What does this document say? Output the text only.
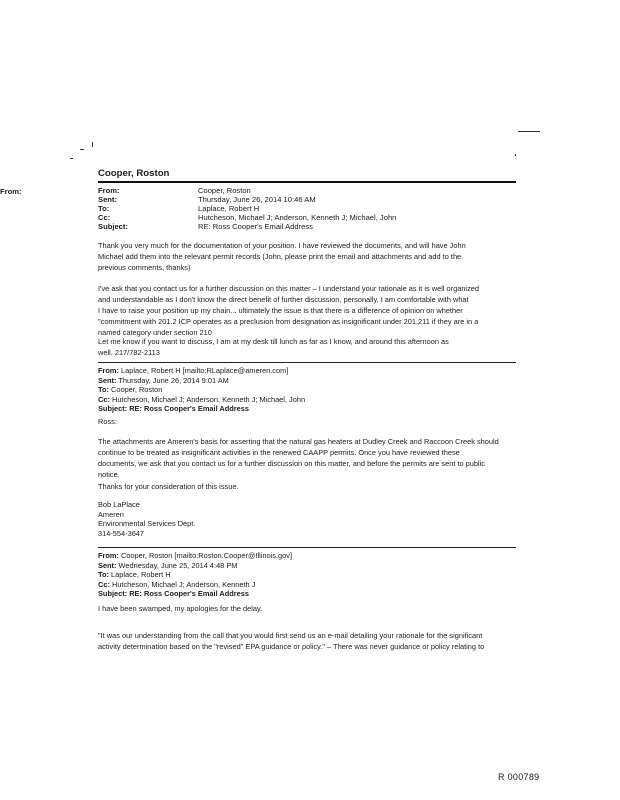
Cooper, Roston
From:	From:	Cooper, Roston
Sent:	Thursday, June 26, 2014 10:46 AM
To:	Laplace, Robert H
Cc:	Hutcheson, Michael J; Anderson, Kenneth J; Michael, John
Subject:	RE: Ross Cooper's Email Address
Thank you very much for the documentation of your position. I have reviewed the documents, and will have John
Michael add them into the relevant permit records (John, please print the email and attachments and add to the
previous comments, thanks)
I've ask that you contact us for a further discussion on this matter – I understand your rationale as it is well organized
and understandable as I don't know the direct benefit of further discussion, personally, I am comfortable with what
I have to raise your position up my chain... ultimately the issue is that there is a difference of opinion on whether
"commitment with 201.2 ICP operates as a preclusion from designation as insignificant under 201.211 if they are in a
named category under section 210
Let me know if you want to discuss, I am at my desk till lunch as far as I know, and around this afternoon as
well. 217/782-2113
From: Laplace, Robert H [mailto:RLaplace@ameren.com]
Sent: Thursday, June 26, 2014 9:01 AM
To: Cooper, Roston
Cc: Hutcheson, Michael J; Anderson, Kenneth J; Michael, John
Subject: RE: Ross Cooper's Email Address
Ross:
The attachments are Ameren's basis for asserting that the natural gas heaters at Dudley Creek and Raccoon Creek should
continue to be treated as insignificant activities in the renewed CAAPP permits. Once you have reviewed these
documents, we ask that you contact us for a further discussion on this matter, and before the permits are sent to public
notice.
Thanks for your consideration of this issue.
Bob LaPlace
Ameren
Environmental Services Dept.
314-554-3647
From: Cooper, Roston [mailto:Roston.Cooper@Illinois.gov]
Sent: Wednesday, June 25, 2014 4:48 PM
To: Laplace, Robert H
Cc: Hutcheson, Michael J; Anderson, Kenneth J
Subject: RE: Ross Cooper's Email Address
I have been swamped, my apologies for the delay.
"It was our understanding from the call that you would first send us an e-mail detailing your rationale for the significant
activity determination based on the "revised" EPA guidance or policy." – There was never guidance or policy relating to
R 000789
